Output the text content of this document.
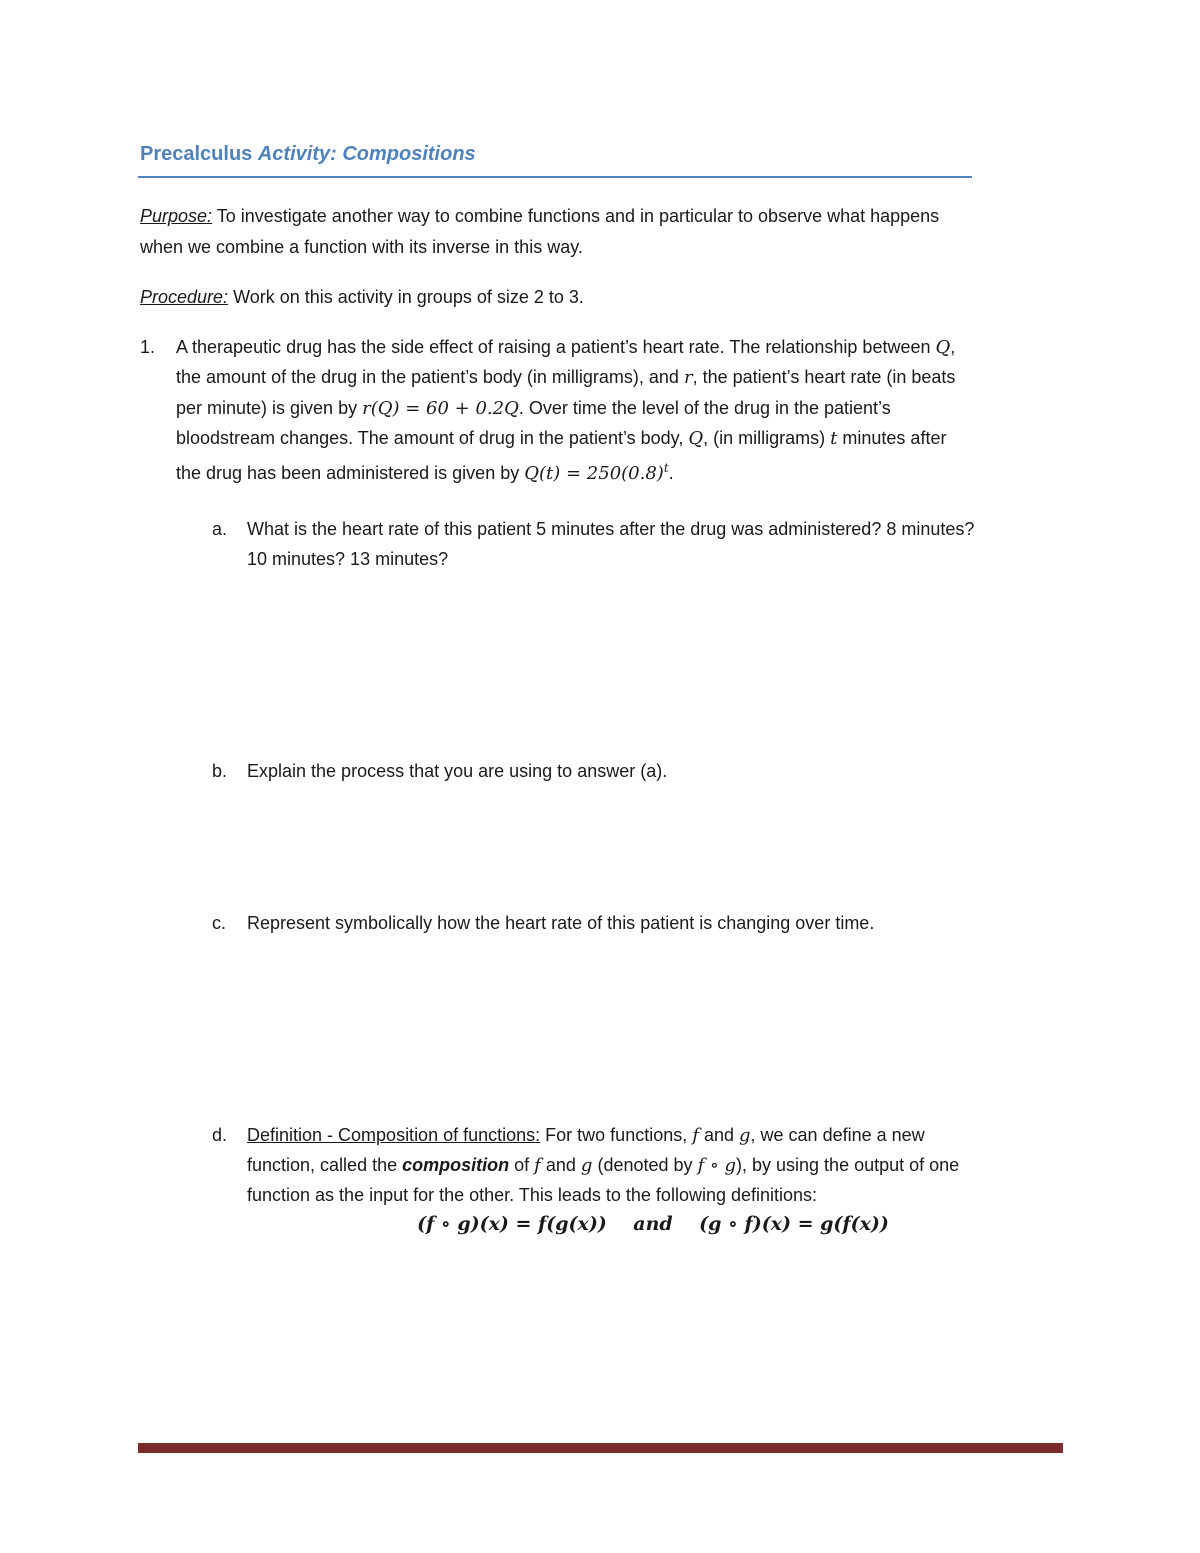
Precalculus Activity: Compositions
Purpose: To investigate another way to combine functions and in particular to observe what happens
when we combine a function with its inverse in this way.
Procedure: Work on this activity in groups of size 2 to 3.
1. A therapeutic drug has the side effect of raising a patient’s heart rate. The relationship between Q,
the amount of the drug in the patient’s body (in milligrams), and r, the patient’s heart rate (in beats
per minute) is given by r(Q) = 60 + 0.2Q. Over time the level of the drug in the patient’s
bloodstream changes. The amount of drug in the patient’s body, Q, (in milligrams) t minutes after
the drug has been administered is given by $Q(t) = 250(0.8)^t$.
a. What is the heart rate of this patient 5 minutes after the drug was administered? 8 minutes?
10 minutes? 13 minutes?
b. Explain the process that you are using to answer (a).
c. Represent symbolically how the heart rate of this patient is changing over time.
d. Definition - Composition of functions: For two functions, f and g, we can define a new
function, called the composition of f and g (denoted by f ∘ g), by using the output of one
function as the input for the other. This leads to the following definitions:
(f ∘ g)(x) = f(g(x)) and (g ∘ f)(x) = g(f(x))
